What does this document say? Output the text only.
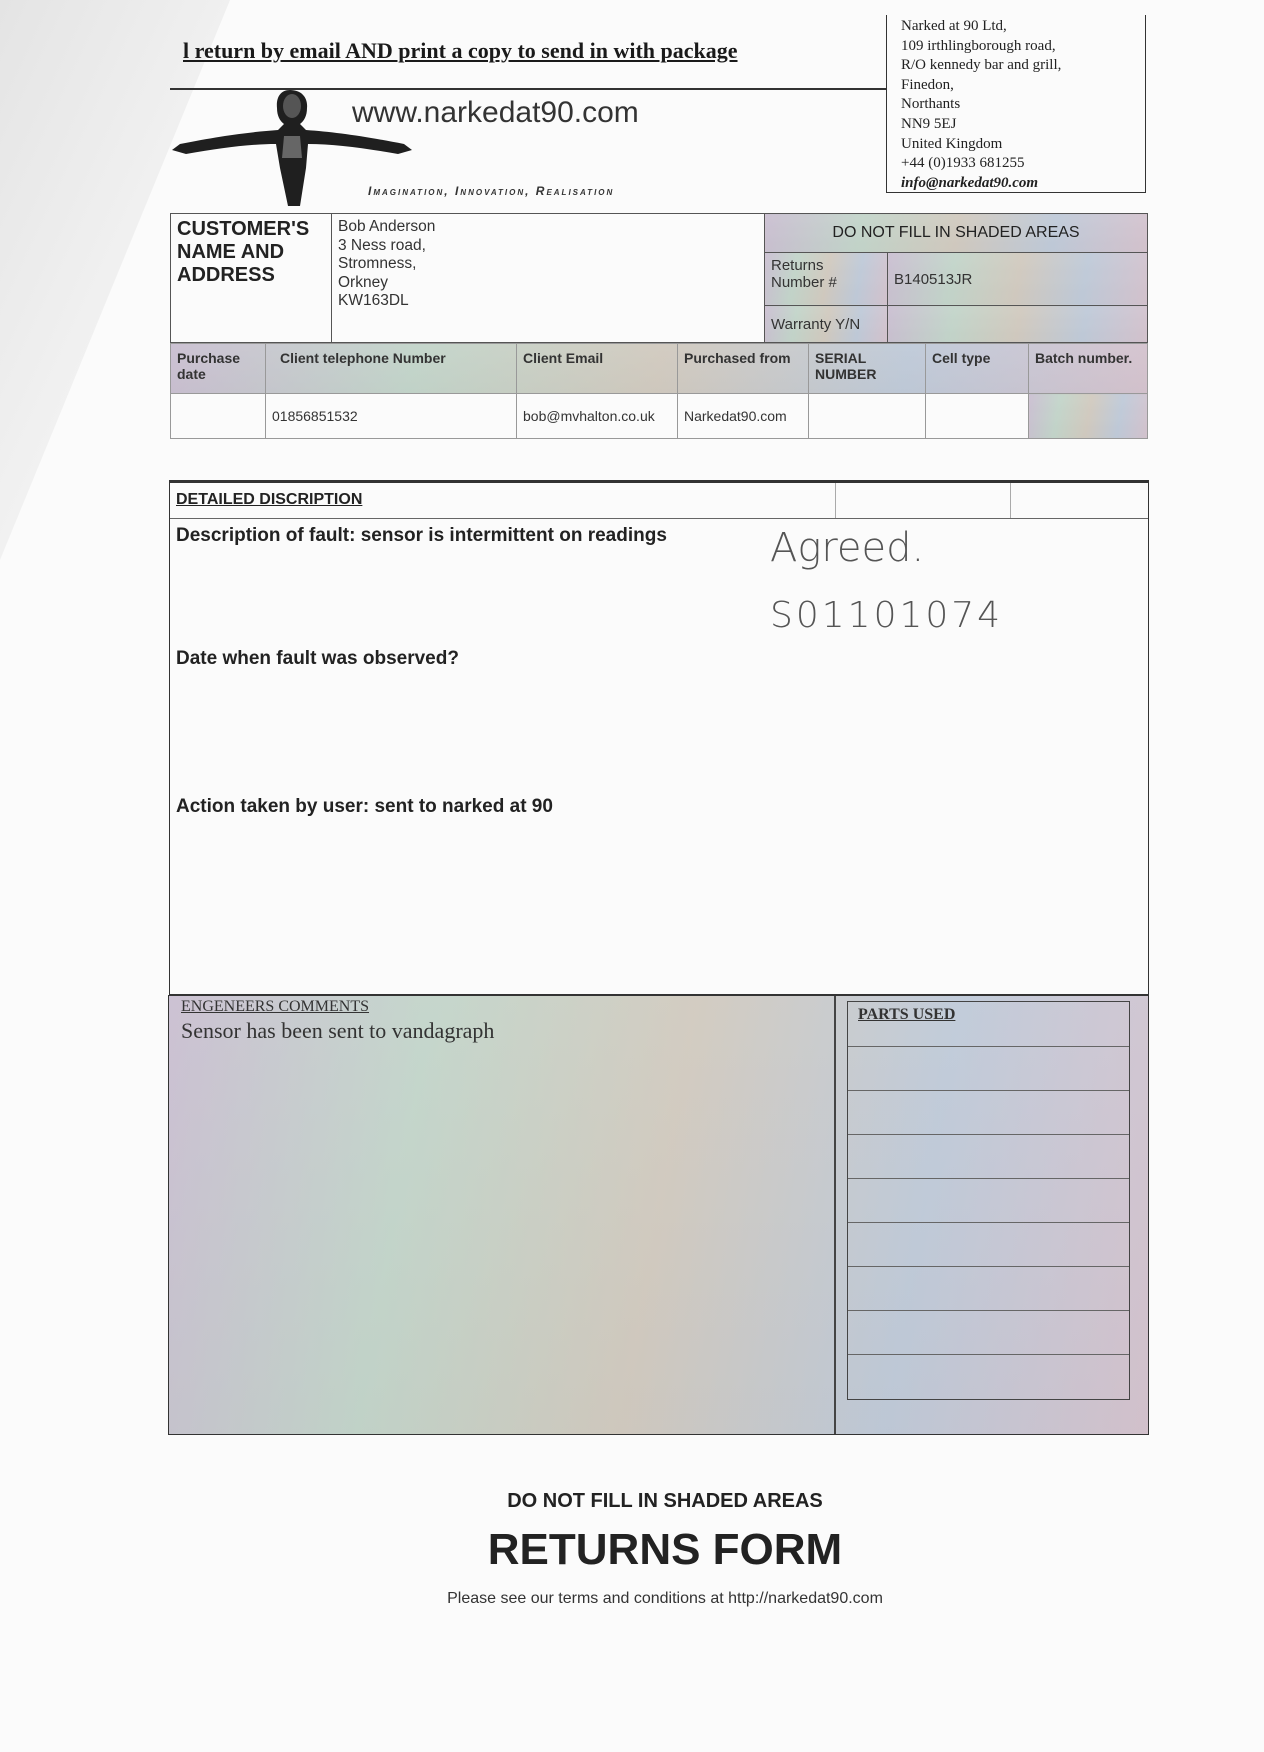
l return by email AND print a copy to send in with package
Narked at 90 Ltd,
109 irthlingborough road,
R/O kennedy bar and grill,
Finedon,
Northants
NN9 5EJ
United Kingdom
+44 (0)1933 681255
info@narkedat90.com
www.narkedat90.com
Imagination, Innovation, Realisation
CUSTOMER'S NAME AND ADDRESS	Bob Anderson
3 Ness road,
Stromness,
Orkney
KW163DL	DO NOT FILL IN SHADED AREAS	
		Returns Number #	B140513JR
		Warranty Y/N	
Purchase date	Client telephone Number	Client Email	Purchased from	SERIAL NUMBER	Cell type	Batch number.
	01856851532	bob@mvhalton.co.uk	Narkedat90.com			
DETAILED DISCRIPTION
Description of fault: sensor is intermittent on readings	Agreed.
S01101074
Date when fault was observed?
Action taken by user: sent to narked at 90
ENGENEERS COMMENTS
Sensor has been sent to vandagraph
PARTS USED
DO NOT FILL IN SHADED AREAS
RETURNS FORM
Please see our terms and conditions at http://narkedat90.com
